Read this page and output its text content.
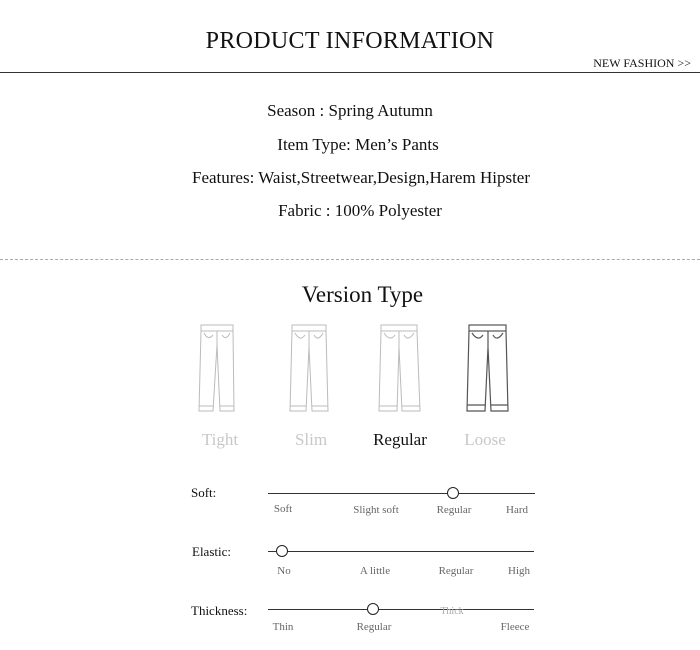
PRODUCT INFORMATION
NEW FASHION >>
Season : Spring Autumn
Item Type: Men’s Pants
Features: Waist,Streetwear,Design,Harem Hipster
Fabric : 100% Polyester
Version Type
Tight	Slim	Regular	Loose
Soft:
Soft	Slight soft	Regular	Hard
Elastic:
No	A little	Regular	High
Thickness:
Thin	Regular
Thick
Fleece
